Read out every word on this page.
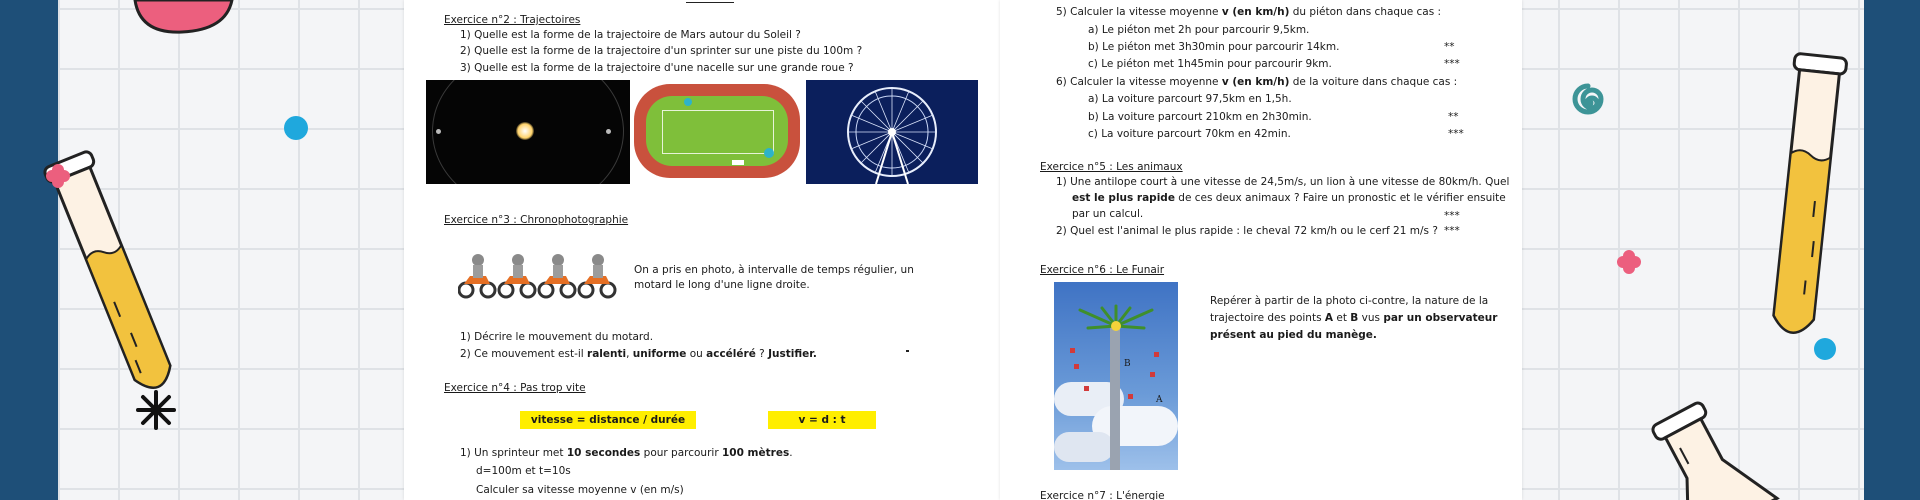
Exercice n°2 : Trajectoires
1) Quelle est la forme de la trajectoire de Mars autour du Soleil ?
2) Quelle est la forme de la trajectoire d'un sprinter sur une piste du 100m ?
3) Quelle est la forme de la trajectoire d'une nacelle sur une grande roue ?
Exercice n°3 : Chronophotographie
On a pris en photo, à intervalle de temps régulier, un
motard le long d'une ligne droite.
1) Décrire le mouvement du motard.
2) Ce mouvement est-il ralenti, uniforme ou accéléré ? Justifier.
Exercice n°4 : Pas trop vite
vitesse = distance / durée	v = d : t
1) Un sprinteur met 10 secondes pour parcourir 100 mètres.
d=100m et t=10s
Calculer sa vitesse moyenne v (en m/s)
5) Calculer la vitesse moyenne v (en km/h) du piéton dans chaque cas :
a) Le piéton met 2h pour parcourir 9,5km.
b) Le piéton met 3h30min pour parcourir 14km.	**
c) Le piéton met 1h45min pour parcourir 9km.	***
6) Calculer la vitesse moyenne v (en km/h) de la voiture dans chaque cas :
a) La voiture parcourt 97,5km en 1,5h.
b) La voiture parcourt 210km en 2h30min.	**
c) La voiture parcourt 70km en 42min.	***
Exercice n°5 : Les animaux
1) Une antilope court à une vitesse de 24,5m/s, un lion à une vitesse de 80km/h. Quel
est le plus rapide de ces deux animaux ? Faire un pronostic et le vérifier ensuite
par un calcul.	***
2) Quel est l'animal le plus rapide : le cheval 72 km/h ou le cerf 21 m/s ? ***
Exercice n°6 : Le Funair
B
A
Repérer à partir de la photo ci-contre, la nature de la
trajectoire des points A et B vus par un observateur
présent au pied du manège.
Exercice n°7 : L'énergie
